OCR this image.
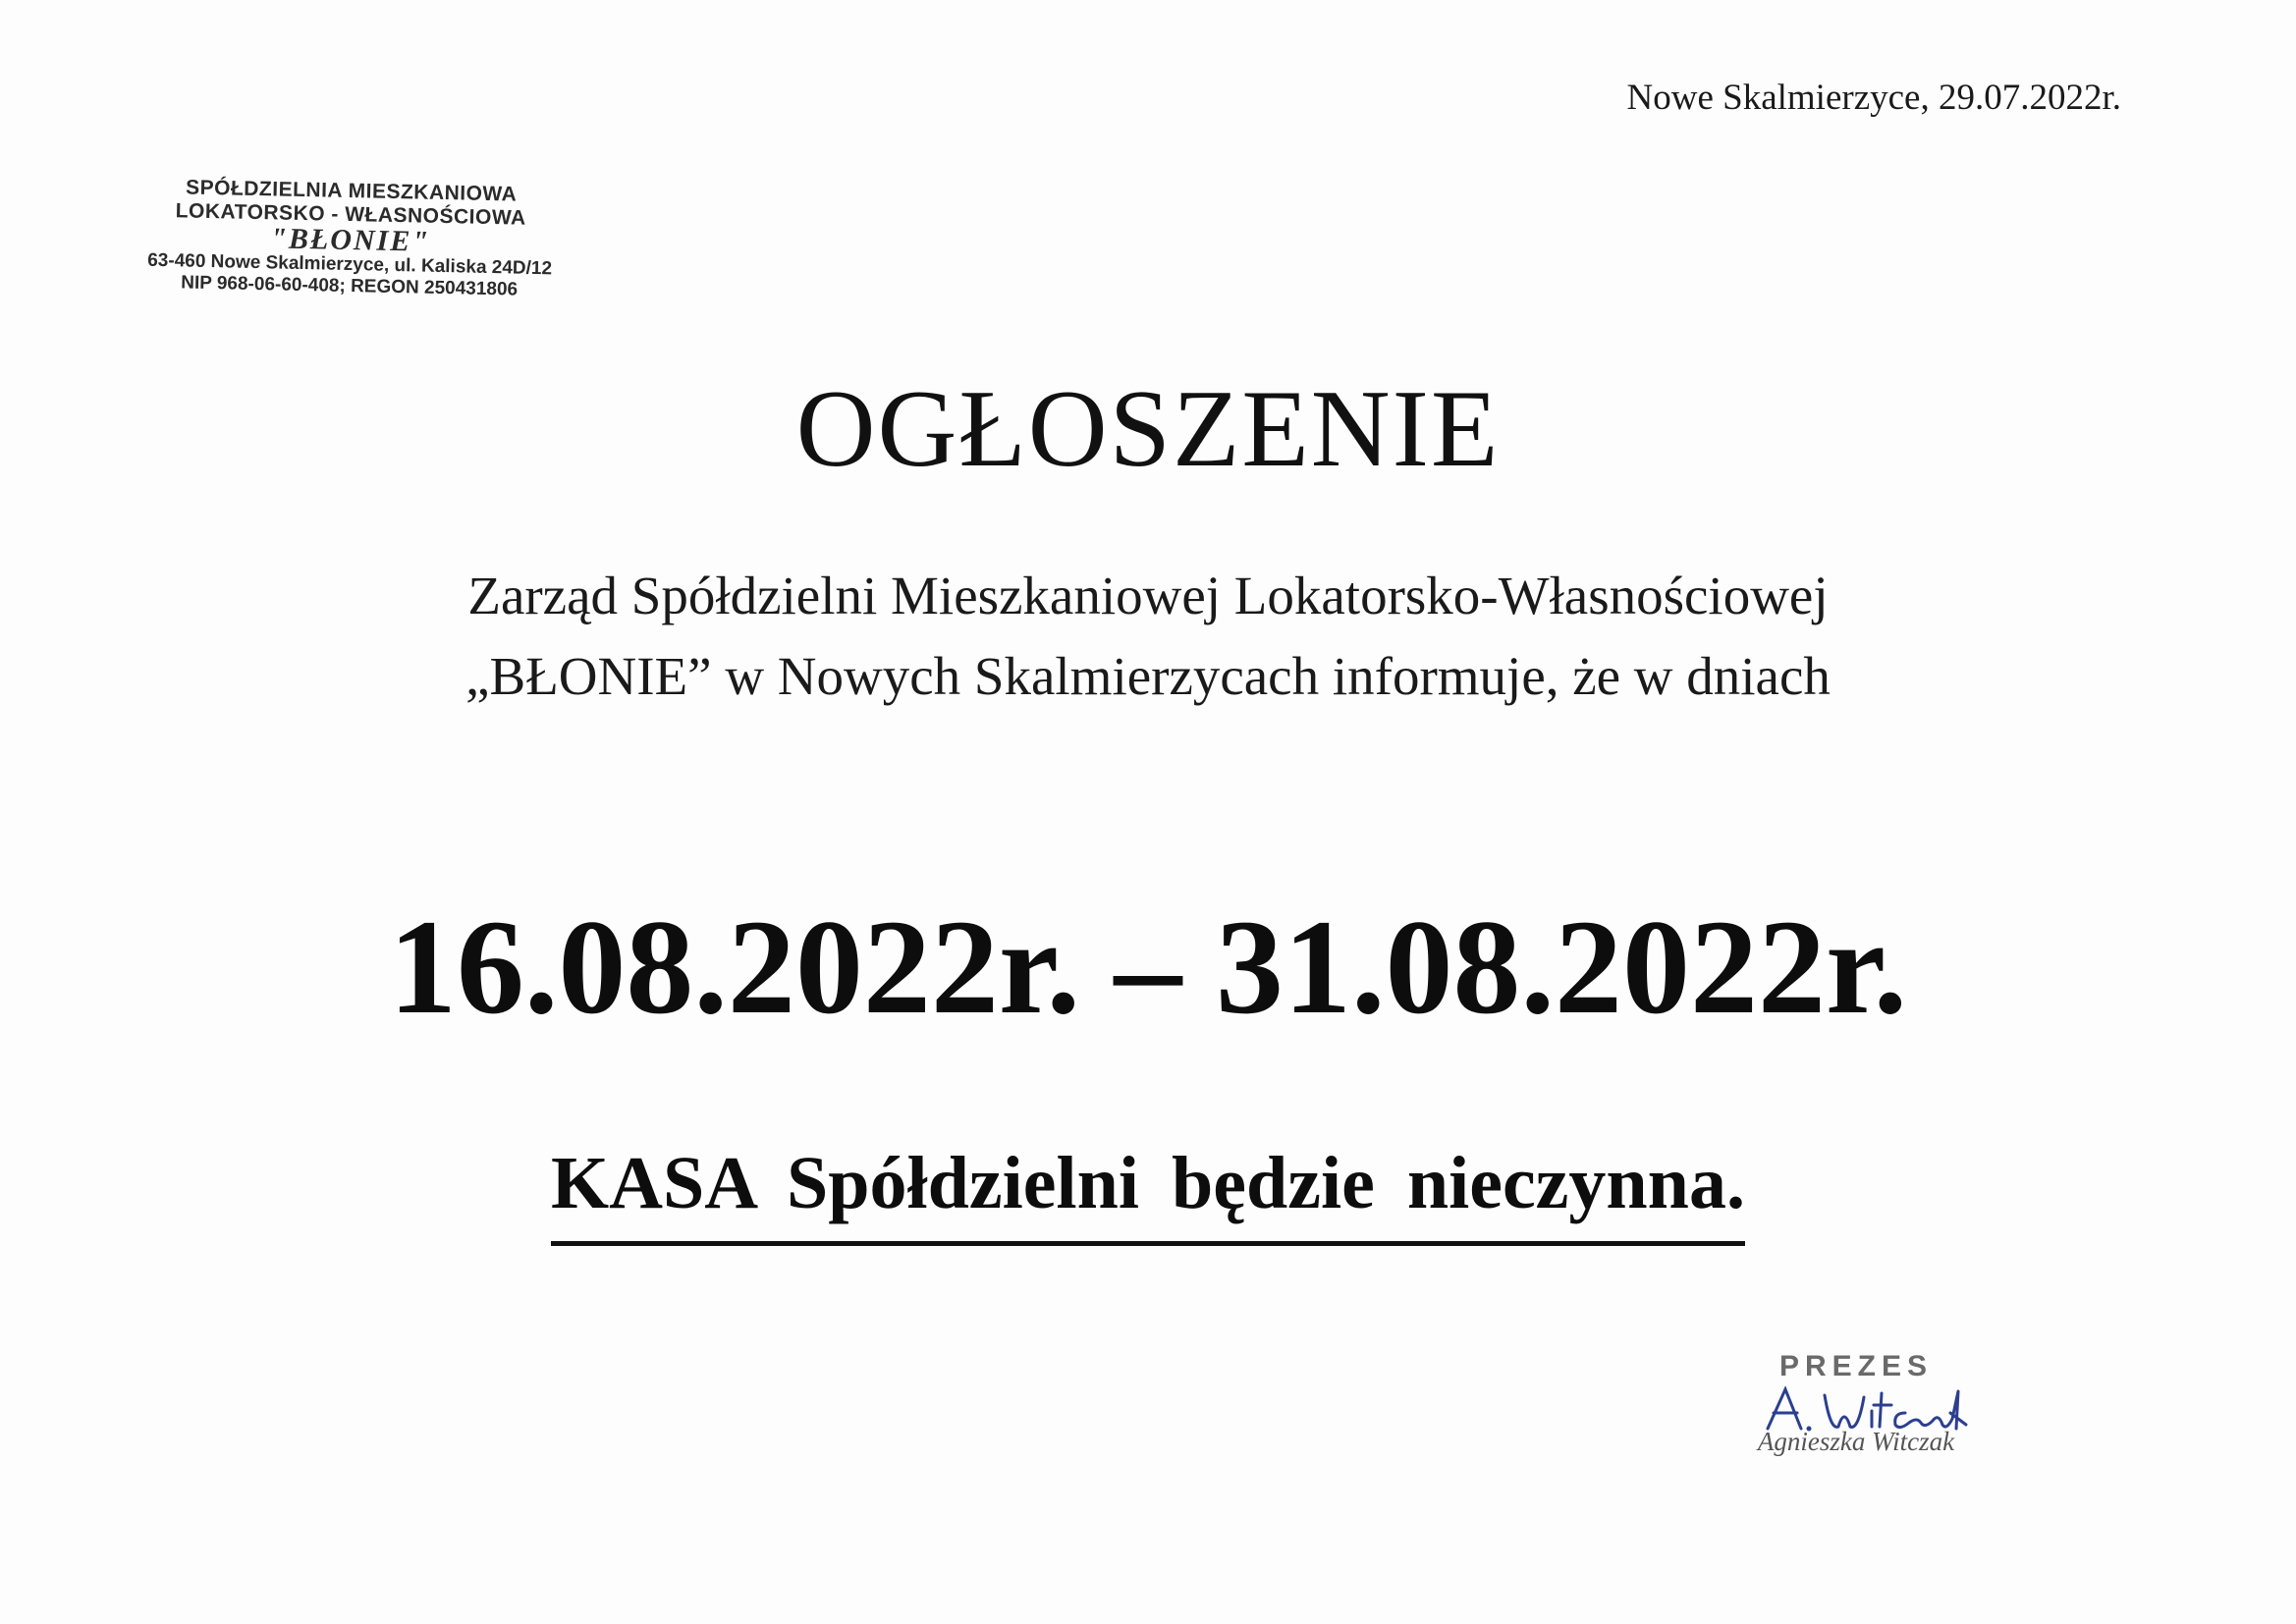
Nowe Skalmierzyce, 29.07.2022r.
SPÓŁDZIELNIA MIESZKANIOWA
LOKATORSKO - WŁASNOŚCIOWA
"BŁONIE"
63-460 Nowe Skalmierzyce, ul. Kaliska 24D/12
NIP 968-06-60-408; REGON 250431806
OGŁOSZENIE
Zarząd Spółdzielni Mieszkaniowej Lokatorsko-Własnościowej
„BŁONIE” w Nowych Skalmierzycach informuje, że w dniach
16.08.2022r. – 31.08.2022r.
KASA Spółdzielni będzie nieczynna.
PREZES
Agnieszka Witczak
